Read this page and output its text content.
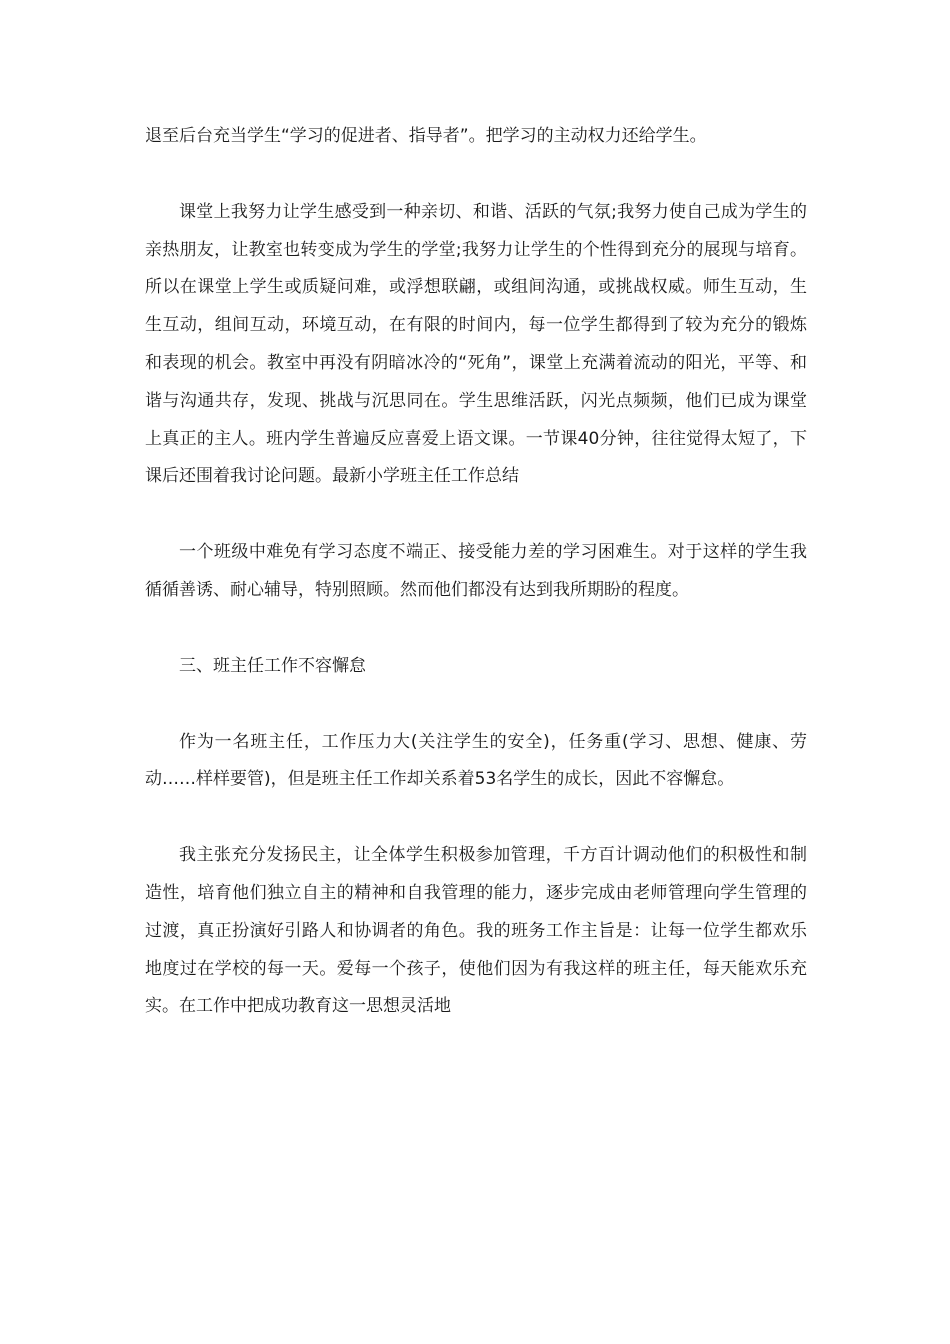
退至后台充当学生“学习的促进者、指导者”。把学习的主动权力还给学生。

课堂上我努力让学生感受到一种亲切、和谐、活跃的气氛;我努力使自己成为学生的亲热朋友，让教室也转变成为学生的学堂;我努力让学生的个性得到充分的展现与培育。所以在课堂上学生或质疑问难，或浮想联翩，或组间沟通，或挑战权威。师生互动，生生互动，组间互动，环境互动，在有限的时间内，每一位学生都得到了较为充分的锻炼和表现的机会。教室中再没有阴暗冰冷的“死角”，课堂上充满着流动的阳光，平等、和谐与沟通共存，发现、挑战与沉思同在。学生思维活跃，闪光点频频，他们已成为课堂上真正的主人。班内学生普遍反应喜爱上语文课。一节课40分钟，往往觉得太短了，下课后还围着我讨论问题。最新小学班主任工作总结

一个班级中难免有学习态度不端正、接受能力差的学习困难生。对于这样的学生我循循善诱、耐心辅导，特别照顾。然而他们都没有达到我所期盼的程度。

三、班主任工作不容懈怠

作为一名班主任，工作压力大(关注学生的安全)，任务重(学习、思想、健康、劳动……样样要管)，但是班主任工作却关系着53名学生的成长，因此不容懈怠。

我主张充分发扬民主，让全体学生积极参加管理，千方百计调动他们的积极性和制造性，培育他们独立自主的精神和自我管理的能力，逐步完成由老师管理向学生管理的过渡，真正扮演好引路人和协调者的角色。我的班务工作主旨是：让每一位学生都欢乐地度过在学校的每一天。爱每一个孩子，使他们因为有我这样的班主任，每天能欢乐充实。在工作中把成功教育这一思想灵活地
